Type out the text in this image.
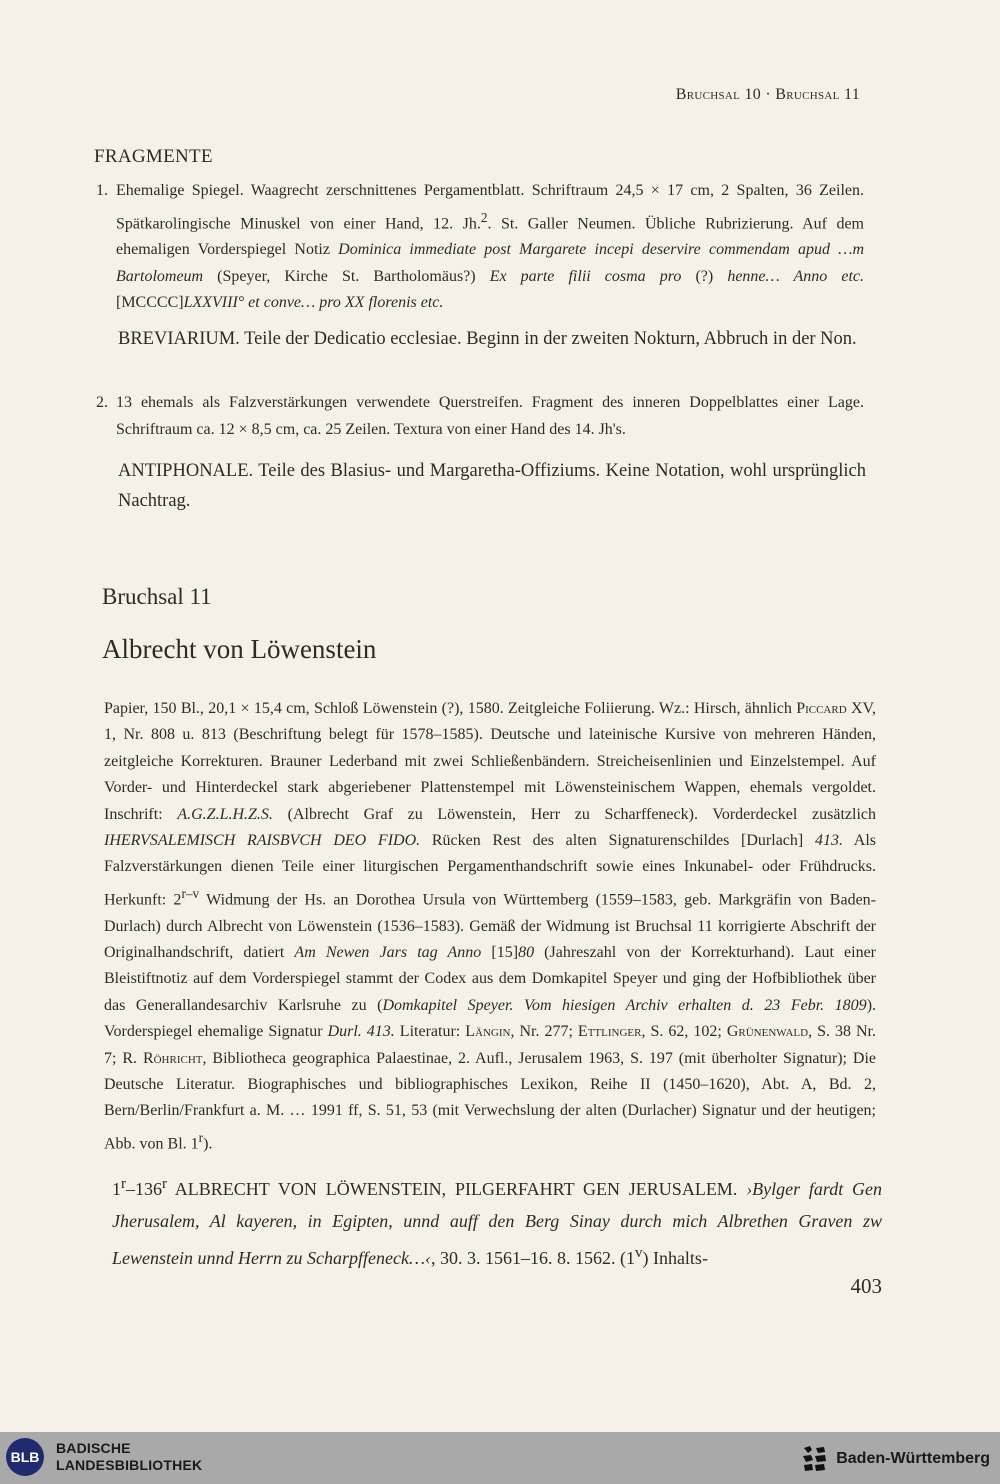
Bruchsal 10 · Bruchsal 11
FRAGMENTE
1. Ehemalige Spiegel. Waagrecht zerschnittenes Pergamentblatt. Schriftraum 24,5 × 17 cm, 2 Spalten, 36 Zeilen. Spätkarolingische Minuskel von einer Hand, 12. Jh.$^2$. St. Galler Neumen. Übliche Rubrizierung. Auf dem ehemaligen Vorderspiegel Notiz Dominica immediate post Margarete incepi deservire commendam apud …m Bartolomeum (Speyer, Kirche St. Bartholomäus?) Ex parte filii cosma pro (?) henne… Anno etc. [MCCCC]LXXVIII° et conve… pro XX florenis etc.
BREVIARIUM. Teile der Dedicatio ecclesiae. Beginn in der zweiten Nokturn, Abbruch in der Non.
2. 13 ehemals als Falzverstärkungen verwendete Querstreifen. Fragment des inneren Doppelblattes einer Lage. Schriftraum ca. 12 × 8,5 cm, ca. 25 Zeilen. Textura von einer Hand des 14. Jh's.
ANTIPHONALE. Teile des Blasius- und Margaretha-Offiziums. Keine Notation, wohl ursprünglich Nachtrag.
Bruchsal 11
Albrecht von Löwenstein
Papier, 150 Bl., 20,1 × 15,4 cm, Schloß Löwenstein (?), 1580. Zeitgleiche Foliierung. Wz.: Hirsch, ähnlich Piccard XV, 1, Nr. 808 u. 813 (Beschriftung belegt für 1578–1585). Deutsche und lateinische Kursive von mehreren Händen, zeitgleiche Korrekturen. Brauner Lederband mit zwei Schließenbändern. Streicheisenlinien und Einzelstempel. Auf Vorder- und Hinterdeckel stark abgeriebener Plattenstempel mit Löwensteinischem Wappen, ehemals vergoldet. Inschrift: A.G.Z.L.H.Z.S. (Albrecht Graf zu Löwenstein, Herr zu Scharffeneck). Vorderdeckel zusätzlich IHERVSALEMISCH RAISBVCH DEO FIDO. Rücken Rest des alten Signaturenschildes [Durlach] 413. Als Falzverstärkungen dienen Teile einer liturgischen Pergamenthandschrift sowie eines Inkunabel- oder Frühdrucks. Herkunft: 2$^{r-v}$ Widmung der Hs. an Dorothea Ursula von Württemberg (1559–1583, geb. Markgräfin von Baden-Durlach) durch Albrecht von Löwenstein (1536–1583). Gemäß der Widmung ist Bruchsal 11 korrigierte Abschrift der Originalhandschrift, datiert Am Newen Jars tag Anno [15]80 (Jahreszahl von der Korrekturhand). Laut einer Bleistiftnotiz auf dem Vorderspiegel stammt der Codex aus dem Domkapitel Speyer und ging der Hofbibliothek über das Generallandesarchiv Karlsruhe zu (Domkapitel Speyer. Vom hiesigen Archiv erhalten d. 23 Febr. 1809). Vorderspiegel ehemalige Signatur Durl. 413. Literatur: Längin, Nr. 277; Ettlinger, S. 62, 102; Grünenwald, S. 38 Nr. 7; R. Röhricht, Bibliotheca geographica Palaestinae, 2. Aufl., Jerusalem 1963, S. 197 (mit überholter Signatur); Die Deutsche Literatur. Biographisches und bibliographisches Lexikon, Reihe II (1450–1620), Abt. A, Bd. 2, Bern/Berlin/Frankfurt a. M. … 1991 ff, S. 51, 53 (mit Verwechslung der alten (Durlacher) Signatur und der heutigen; Abb. von Bl. 1$^r$).
1$^r$–136$^r$ ALBRECHT VON LÖWENSTEIN, PILGERFAHRT GEN JERUSALEM. ›Bylger fardt Gen Jherusalem, Al kayeren, in Egipten, unnd auff den Berg Sinay durch mich Albrethen Graven zw Lewenstein unnd Herrn zu Scharpffeneck…‹, 30. 3. 1561–16. 8. 1562. (1$^v$) Inhalts-
403
BLB
BADISCHE
LANDESBIBLIOTHEK	Baden-Württemberg
